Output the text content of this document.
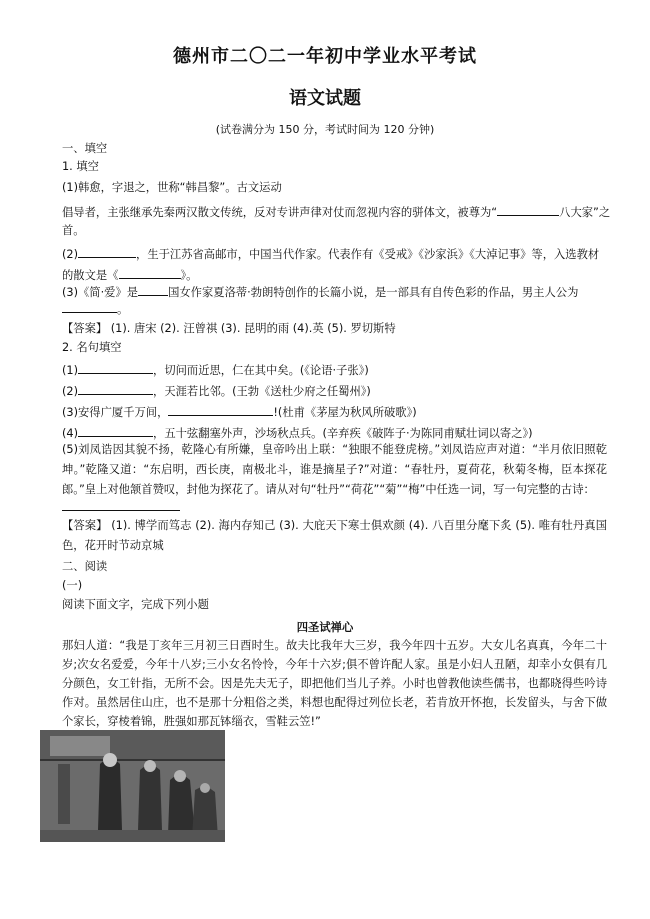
德州市二〇二一年初中学业水平考试
语文试题
(试卷满分为 150 分，考试时间为 120 分钟)
一、填空
1. 填空
(1)韩愈，字退之，世称“韩昌黎”。古文运动
倡导者，主张继承先秦两汉散文传统，反对专讲声律对仗而忽视内容的骈体文，被尊为“	八大家”之
首。
(2)	，生于江苏省高邮市，中国当代作家。代表作有《受戒》《沙家浜》《大淖记事》等，入选教材
的散文是《	》。
(3)《简·爱》是	国女作家夏洛蒂·勃朗特创作的长篇小说，是一部具有自传色彩的作品，男主人公为
。
【答案】 (1). 唐宋 (2). 汪曾祺 (3). 昆明的雨 (4).英 (5). 罗切斯特
2. 名句填空
(1)	，切问而近思，仁在其中矣。(《论语·子张》)
(2)	，天涯若比邻。(王勃《送杜少府之任蜀州》)
(3)安得广厦千万间，	!(杜甫《茅屋为秋风所破歌》)
(4)	，五十弦翻塞外声，沙场秋点兵。(辛弃疾《破阵子·为陈同甫赋壮词以寄之》)
(5)刘凤诰因其貌不扬，乾隆心有所嫌，皇帝吟出上联：“独眼不能登虎榜。”刘凤诰应声对道：“半月依旧照乾坤。”乾隆又道：“东启明，西长庚，南极北斗，谁是摘星子?”对道：“春牡丹，夏荷花，秋菊冬梅，臣本探花郎。”皇上对他颔首赞叹，封他为探花了。请从对句“牡丹”“荷花”“菊”“梅”中任选一词，写一句完整的古诗：
【答案】 (1). 博学而笃志 (2). 海内存知己 (3). 大庇天下寒士俱欢颜 (4). 八百里分麾下炙 (5). 唯有牡丹真国色，花开时节动京城
二、阅读
(一)
阅读下面文字，完成下列小题
四圣试禅心
那妇人道：“我是丁亥年三月初三日酉时生。故夫比我年大三岁，我今年四十五岁。大女儿名真真，今年二十岁;次女名爱爱，今年十八岁;三小女名怜怜，今年十六岁;俱不曾许配人家。虽是小妇人丑陋，却幸小女俱有几分颜色，女工针指，无所不会。因是先夫无子，即把他们当儿子养。小时也曾教他读些儒书，也都晓得些吟诗作对。虽然居住山庄，也不是那十分粗俗之类，料想也配得过列位长老，若肯放开怀抱，长发留头，与舍下做个家长，穿棱着锦，胜强如那瓦钵缁衣，雪鞋云笠!”
